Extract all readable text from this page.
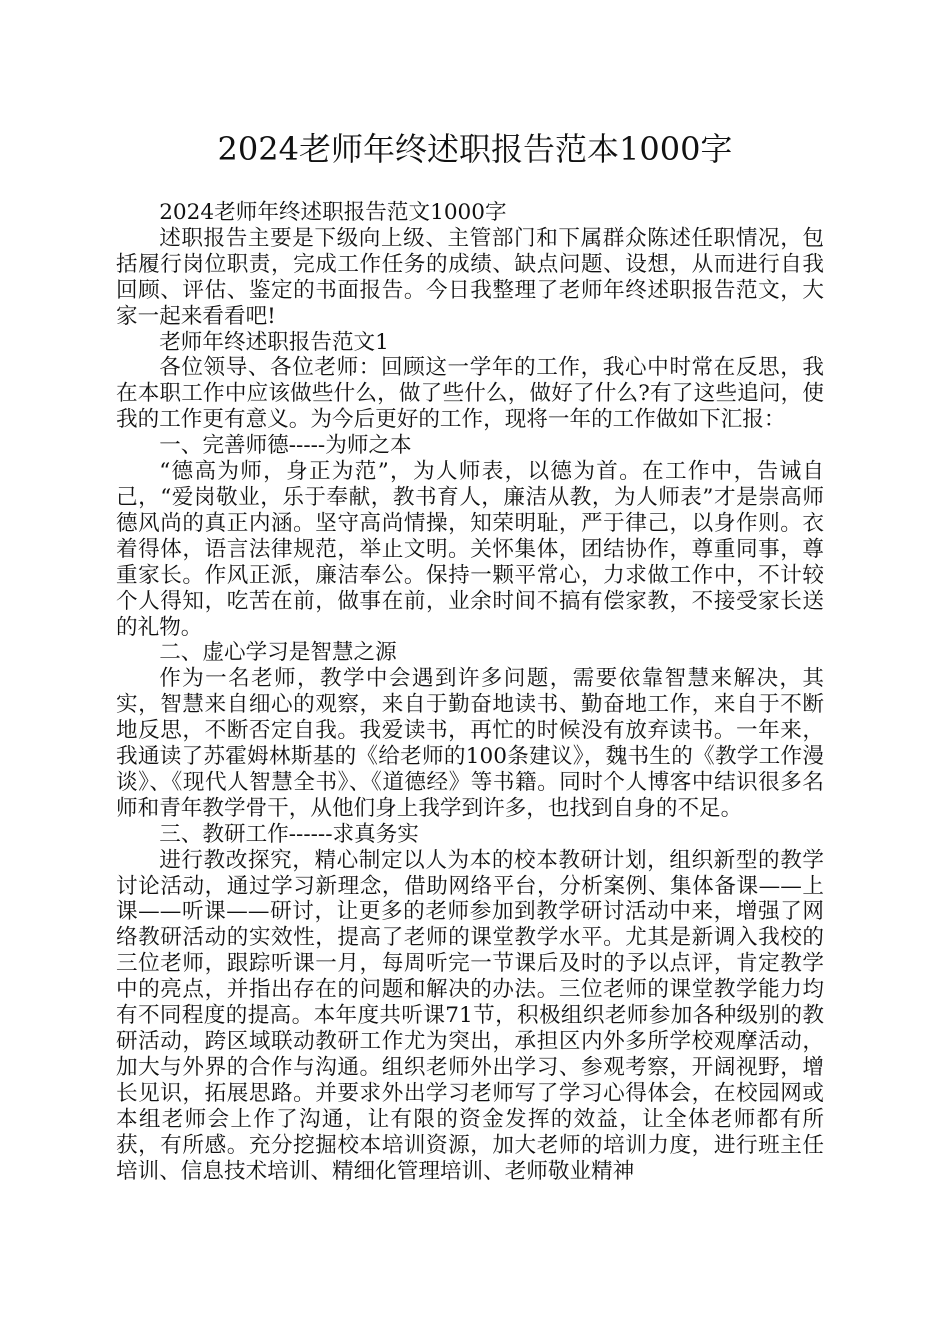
2024老师年终述职报告范本1000字

2024老师年终述职报告范文1000字

述职报告主要是下级向上级、主管部门和下属群众陈述任职情况，包括履行岗位职责，完成工作任务的成绩、缺点问题、设想，从而进行自我回顾、评估、鉴定的书面报告。今日我整理了老师年终述职报告范文，大家一起来看看吧!

老师年终述职报告范文1

各位领导、各位老师：回顾这一学年的工作，我心中时常在反思，我在本职工作中应该做些什么，做了些什么，做好了什么?有了这些追问，使我的工作更有意义。为今后更好的工作，现将一年的工作做如下汇报：

一、完善师德-----为师之本

“德高为师，身正为范”，为人师表，以德为首。在工作中，告诫自己，“爱岗敬业，乐于奉献，教书育人，廉洁从教，为人师表”才是崇高师德风尚的真正内涵。坚守高尚情操，知荣明耻，严于律己，以身作则。衣着得体，语言法律规范，举止文明。关怀集体，团结协作，尊重同事，尊重家长。作风正派，廉洁奉公。保持一颗平常心，力求做工作中，不计较个人得知，吃苦在前，做事在前，业余时间不搞有偿家教，不接受家长送的礼物。

二、虚心学习是智慧之源

作为一名老师，教学中会遇到许多问题，需要依靠智慧来解决，其实，智慧来自细心的观察，来自于勤奋地读书、勤奋地工作，来自于不断地反思，不断否定自我。我爱读书，再忙的时候没有放弃读书。一年来，我通读了苏霍姆林斯基的《给老师的100条建议》，魏书生的《教学工作漫谈》、《现代人智慧全书》、《道德经》等书籍。同时个人博客中结识很多名师和青年教学骨干，从他们身上我学到许多，也找到自身的不足。

三、教研工作------求真务实

进行教改探究，精心制定以人为本的校本教研计划，组织新型的教学讨论活动，通过学习新理念，借助网络平台，分析案例、集体备课——上课——听课——研讨，让更多的老师参加到教学研讨活动中来，增强了网络教研活动的实效性，提高了老师的课堂教学水平。尤其是新调入我校的三位老师，跟踪听课一月，每周听完一节课后及时的予以点评，肯定教学中的亮点，并指出存在的问题和解决的办法。三位老师的课堂教学能力均有不同程度的提高。本年度共听课71节，积极组织老师参加各种级别的教研活动，跨区域联动教研工作尤为突出，承担区内外多所学校观摩活动，加大与外界的合作与沟通。组织老师外出学习、参观考察，开阔视野，增长见识，拓展思路。并要求外出学习老师写了学习心得体会，在校园网或本组老师会上作了沟通，让有限的资金发挥的效益，让全体老师都有所获，有所感。充分挖掘校本培训资源，加大老师的培训力度，进行班主任培训、信息技术培训、精细化管理培训、老师敬业精神
